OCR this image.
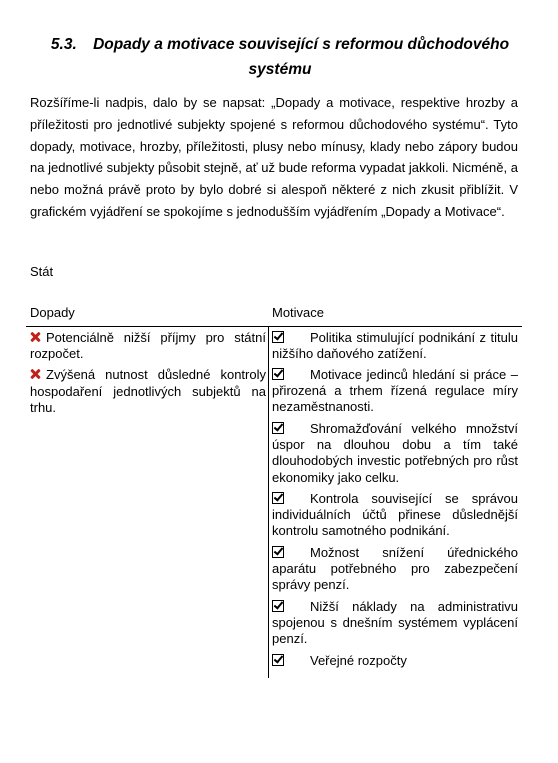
5.3. Dopady a motivace související s reformou důchodového systému

Rozšíříme-li nadpis, dalo by se napsat: „Dopady a motivace, respektive hrozby a příležitosti pro jednotlivé subjekty spojené s reformou důchodového systému“. Tyto dopady, motivace, hrozby, příležitosti, plusy nebo mínusy, klady nebo zápory budou na jednotlivé subjekty působit stejně, ať už bude reforma vypadat jakkoli. Nicméně, a nebo možná právě proto by bylo dobré si alespoň některé z nich zkusit přiblížit. V grafickém vyjádření se spokojíme s jednodušším vyjádřením „Dopady a Motivace“.

Stát
Dopady	Motivace
Potenciálně nižší příjmy pro státní rozpočet.
Zvýšená nutnost důsledné kontroly hospodaření jednotlivých subjektů na trhu.
Politika stimulující podnikání z titulu nižšího daňového zatížení.
Motivace jedinců hledání si práce – přirozená a trhem řízená regulace míry nezaměstnanosti.
Shromažďování velkého množství úspor na dlouhou dobu a tím také dlouhodobých investic potřebných pro růst ekonomiky jako celku.
Kontrola související se správou individuálních účtů přinese důslednější kontrolu samotného podnikání.
Možnost snížení úřednického aparátu potřebného pro zabezpečení správy penzí.
Nižší náklady na administrativu spojenou s dnešním systémem vyplácení penzí.
Veřejné rozpočty
